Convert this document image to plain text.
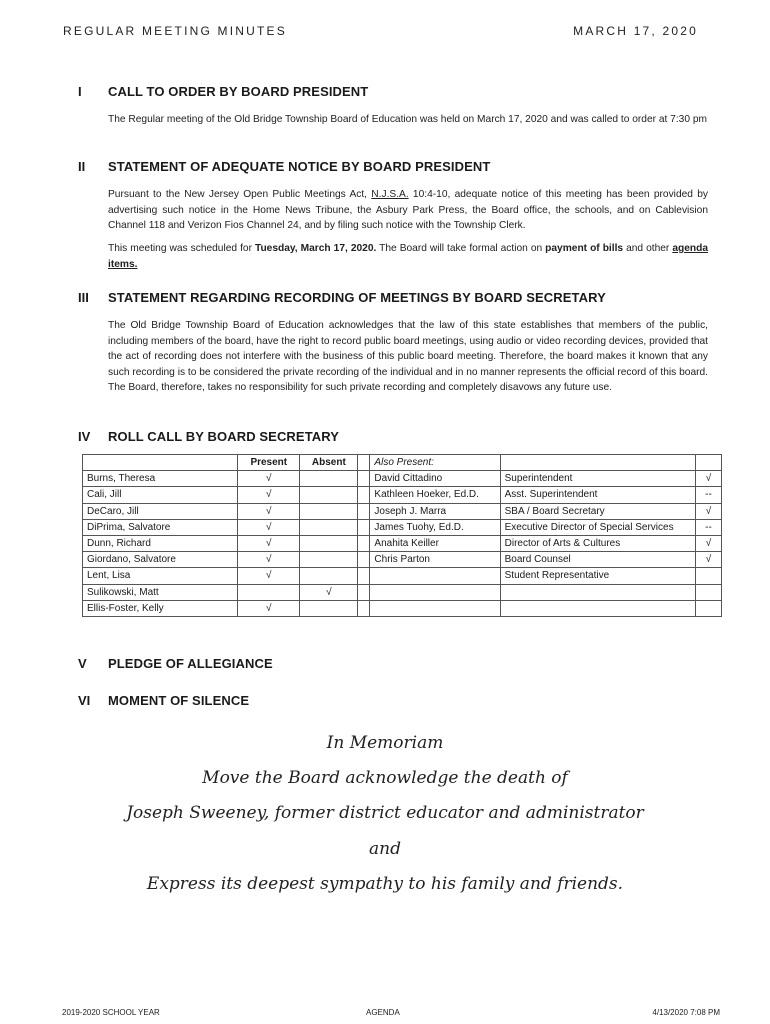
REGULAR MEETING MINUTES	MARCH 17, 2020
I	CALL TO ORDER BY BOARD PRESIDENT
The Regular meeting of the Old Bridge Township Board of Education was held on March 17, 2020 and was called to order at 7:30 pm
II	STATEMENT OF ADEQUATE NOTICE BY BOARD PRESIDENT
Pursuant to the New Jersey Open Public Meetings Act, N.J.S.A. 10:4-10, adequate notice of this meeting has been provided by advertising such notice in the Home News Tribune, the Asbury Park Press, the Board office, the schools, and on Cablevision Channel 118 and Verizon Fios Channel 24, and by filing such notice with the Township Clerk.
This meeting was scheduled for Tuesday, March 17, 2020. The Board will take formal action on payment of bills and other agenda items.
III	STATEMENT REGARDING RECORDING OF MEETINGS BY BOARD SECRETARY
The Old Bridge Township Board of Education acknowledges that the law of this state establishes that members of the public, including members of the board, have the right to record public board meetings, using audio or video recording devices, provided that the act of recording does not interfere with the business of this public board meeting. Therefore, the board makes it known that any such recording is to be considered the private recording of the individual and in no manner represents the official record of this board. The Board, therefore, takes no responsibility for such private recording and completely disavows any future use.
IV	ROLL CALL BY BOARD SECRETARY
	Present	Absent		Also Present:		
Burns, Theresa	√			David Cittadino	Superintendent	√
Cali, Jill	√			Kathleen Hoeker, Ed.D.	Asst. Superintendent	--
DeCaro, Jill	√			Joseph J. Marra	SBA / Board Secretary	√
DiPrima, Salvatore	√			James Tuohy, Ed.D.	Executive Director of Special Services	--
Dunn, Richard	√			Anahita Keiller	Director of Arts & Cultures	√
Giordano, Salvatore	√			Chris Parton	Board Counsel	√
Lent, Lisa	√				Student Representative	
Sulikowski, Matt		√				
Ellis-Foster, Kelly	√					
V	PLEDGE OF ALLEGIANCE
VI	MOMENT OF SILENCE
In Memoriam
Move the Board acknowledge the death of
Joseph Sweeney, former district educator and administrator
and
Express its deepest sympathy to his family and friends.
2019-2020 SCHOOL YEAR	AGENDA	4/13/2020 7:08 PM
